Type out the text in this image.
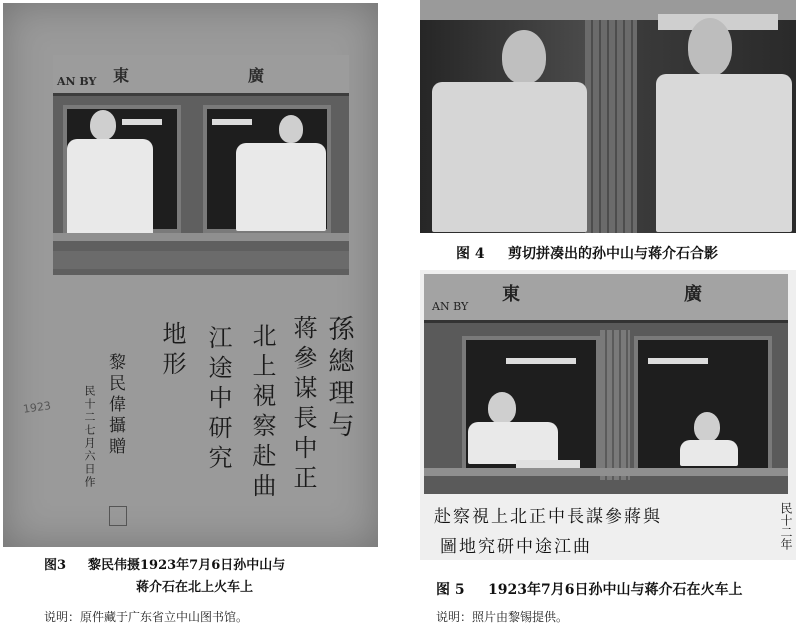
東	廣
AN BY
孫總理与
蒋參谋長中正
北上視察赴曲
江途中研究
地形
黎民偉攝贈
民十二七月六日作
1923
图3 黎民伟摄1923年7月6日孙中山与
蒋介石在北上火车上
说明：原件藏于广东省立中山图书馆。
图 4 剪切拼凑出的孙中山与蒋介石合影
東	廣
AN BY
赴察視上北正中長謀參蔣與
圖地究研中途江曲	民十二年
图 5 1923年7月6日孙中山与蒋介石在火车上
说明：照片由黎锡提供。
